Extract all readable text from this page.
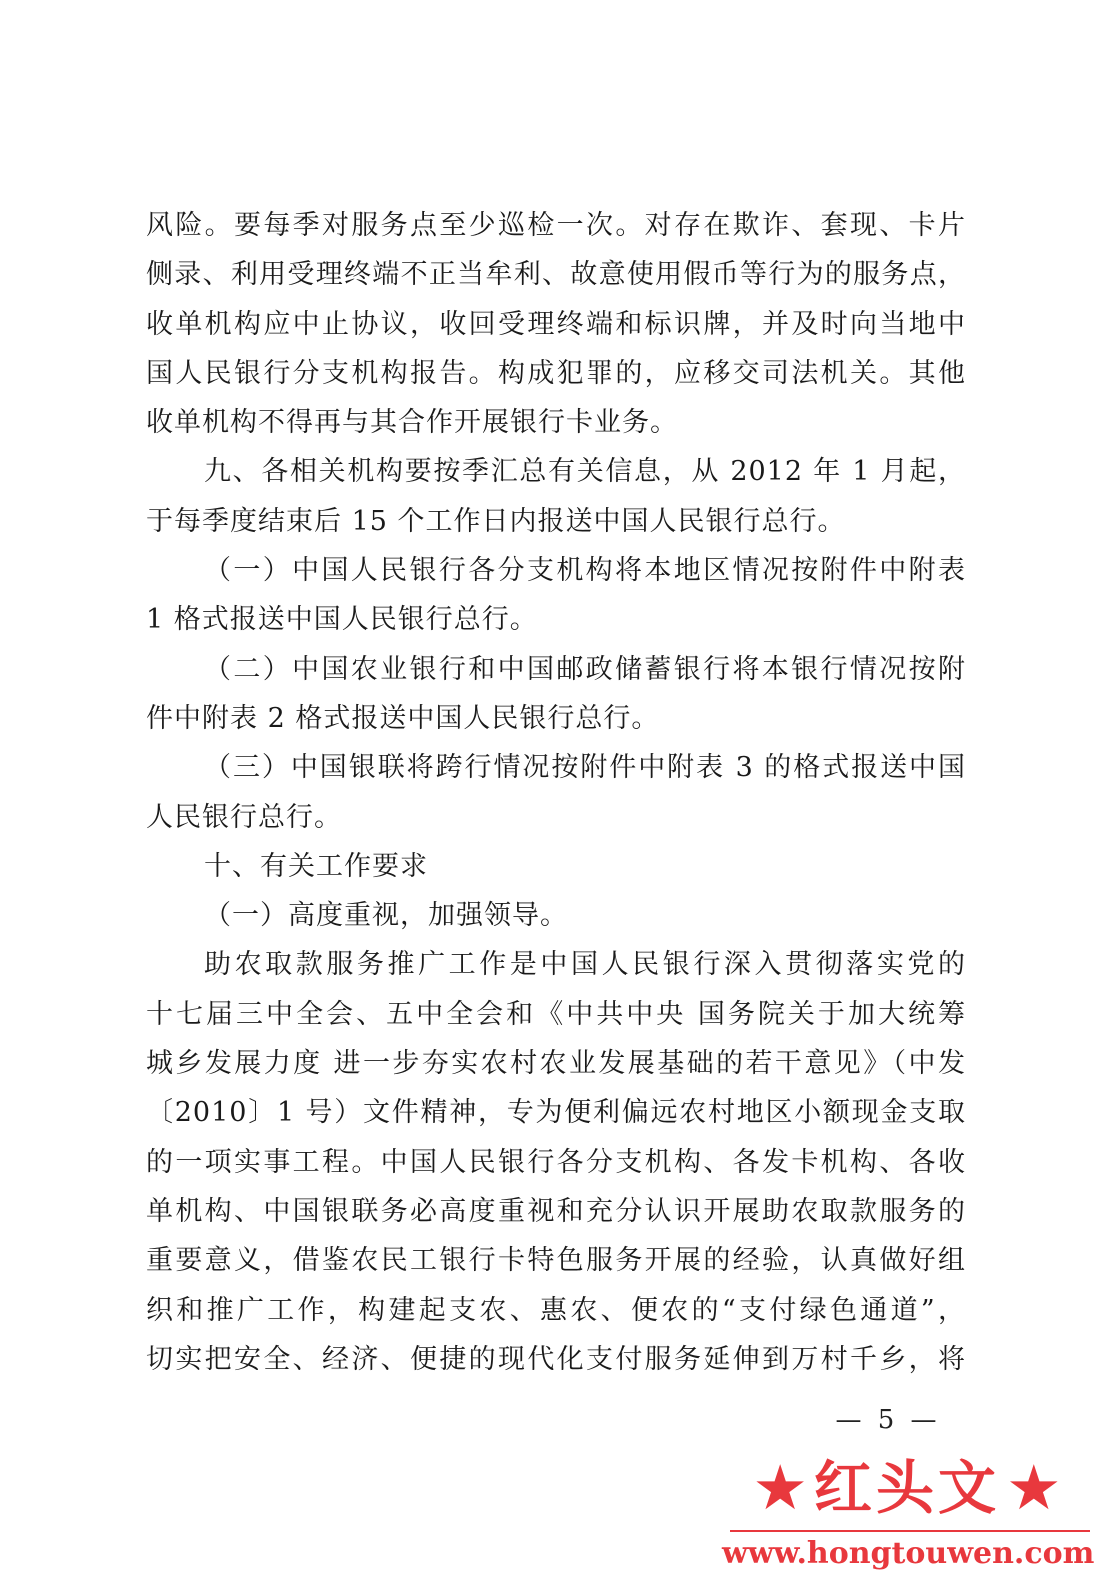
风险。要每季对服务点至少巡检一次。对存在欺诈、套现、卡片
侧录、利用受理终端不正当牟利、故意使用假币等行为的服务点，
收单机构应中止协议，收回受理终端和标识牌，并及时向当地中
国人民银行分支机构报告。构成犯罪的，应移交司法机关。其他
收单机构不得再与其合作开展银行卡业务。
九、各相关机构要按季汇总有关信息，从 2012 年 1 月起，
于每季度结束后 15 个工作日内报送中国人民银行总行。
（一）中国人民银行各分支机构将本地区情况按附件中附表
1 格式报送中国人民银行总行。
（二）中国农业银行和中国邮政储蓄银行将本银行情况按附
件中附表 2 格式报送中国人民银行总行。
（三）中国银联将跨行情况按附件中附表 3 的格式报送中国
人民银行总行。
十、有关工作要求
（一）高度重视，加强领导。
助农取款服务推广工作是中国人民银行深入贯彻落实党的
十七届三中全会、五中全会和《中共中央 国务院关于加大统筹
城乡发展力度 进一步夯实农村农业发展基础的若干意见》（中发
〔2010〕1 号）文件精神，专为便利偏远农村地区小额现金支取
的一项实事工程。中国人民银行各分支机构、各发卡机构、各收
单机构、中国银联务必高度重视和充分认识开展助农取款服务的
重要意义，借鉴农民工银行卡特色服务开展的经验，认真做好组
织和推广工作，构建起支农、惠农、便农的“支付绿色通道”，
切实把安全、经济、便捷的现代化支付服务延伸到万村千乡，将
— 5 —
★ 红头文 ★
www.hongtouwen.com
